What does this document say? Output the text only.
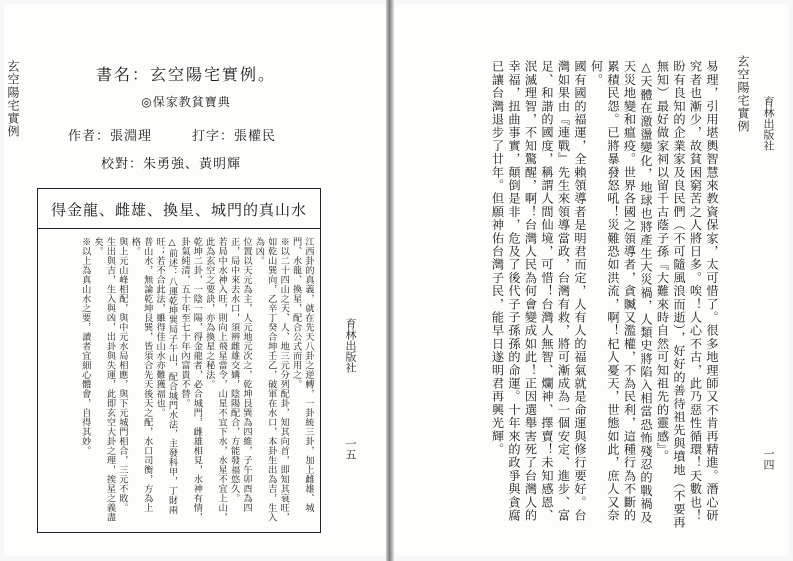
玄空陽宅實例
育林出版社
一五
書名：玄空陽宅實例。
◎保家教貧寶典
作者：張淵理	打字：張權民
校對：朱勇強、黃明輝
得金龍、雌雄、換星、城門的真山水

江西卦的真義，就在先天八卦之逆轉，一卦統三卦，加上雌雄、城門、水龍、換星，配合公式而用之。

※以二十四山之天、人、地三元分列配卦，知其向首，即知其衰旺，如乾山巽向，乙辛丁癸合坤壬乙，破軍在水口，本卦生出為吉，生入為凶。

位置以天元為主，人元地元次之，乾坤艮巽為四維，子午卯酉為四正，局中來去水口，須辨雌雄交媾，陰陽配合，方能發福悠久。

若局中水神入旺，則向上飛星當令，山星不宜下水，水星不宜上山，此為玄空之要訣，亦為換星之秘法。

乾坤二卦，一陰一陽，得金龍者，必合城門，雌雄相見，水神有情，卦氣純清，五十年至七十年內富貴不替。

△前述：八運乾坤巽局子午山，配合城門水法，主發科甲，丁財兩旺；若不合此法，雖得佳山水亦難獲福也。

普山水，無論乾坤艮巽，皆須合先天後天之配，水口司衡，方為上格。

與上元山峰相配，與中元水局相應，與下元城門相合，三元不敗。

生出與吉，生入與凶，出卦與失運，此即玄空大卦之理，挨星之義盡矣。

※以上為真山水之要，讀者宜細心體會，自得其妙。

玄空陽宅實例 育林出版社
一四

易理，引用堪輿智慧來教資保家，太可惜了。很多地理師又不肯再精進。潛心研究者也漸少，故貧困窮苦之人將日多。唉！人心不古，此乃惡性循環！天數也！

盼有良知的企業家及良民們（不可隨風浪而逝），好好的善待祖先與墳地（不要再無知）最好做家祠以留千古蔭子孫『大難來時自然可知祖先的靈感』。

△天體在激盪變化，地球也將產生大災禍，人類史將陷入相當恐怖殘忍的戰禍及天災地變和瘟疫。世界各國之領導者，貪贓又濫權，不為民利，這種行為不斷的累積民怨。已將暴發怒吼！災難恐如洪流，啊！杞人憂天，世態如此，庶人又奈何。

國有國的福運，全賴領導者是明君而定，人有人的福氣就是命運與修行要好。台灣如果由『連戰』先生來領導當政，台灣有救，將可漸成為一個安定、進步、富足、和諧的國度，稱謂人間仙境，可惜！台灣人無智、爛神、擇賣！未知感恩、泯滅理智，不知驚醒，啊！台灣人民為何會變成如此！正因選舉害死了台灣人的幸福，扭曲事實，顛倒是非，危及了後代子子孫孫的命運。十年來的政爭與貪腐已讓台灣退步了廿年。但願神佑台灣子民，能早日遂明君再興光輝。
